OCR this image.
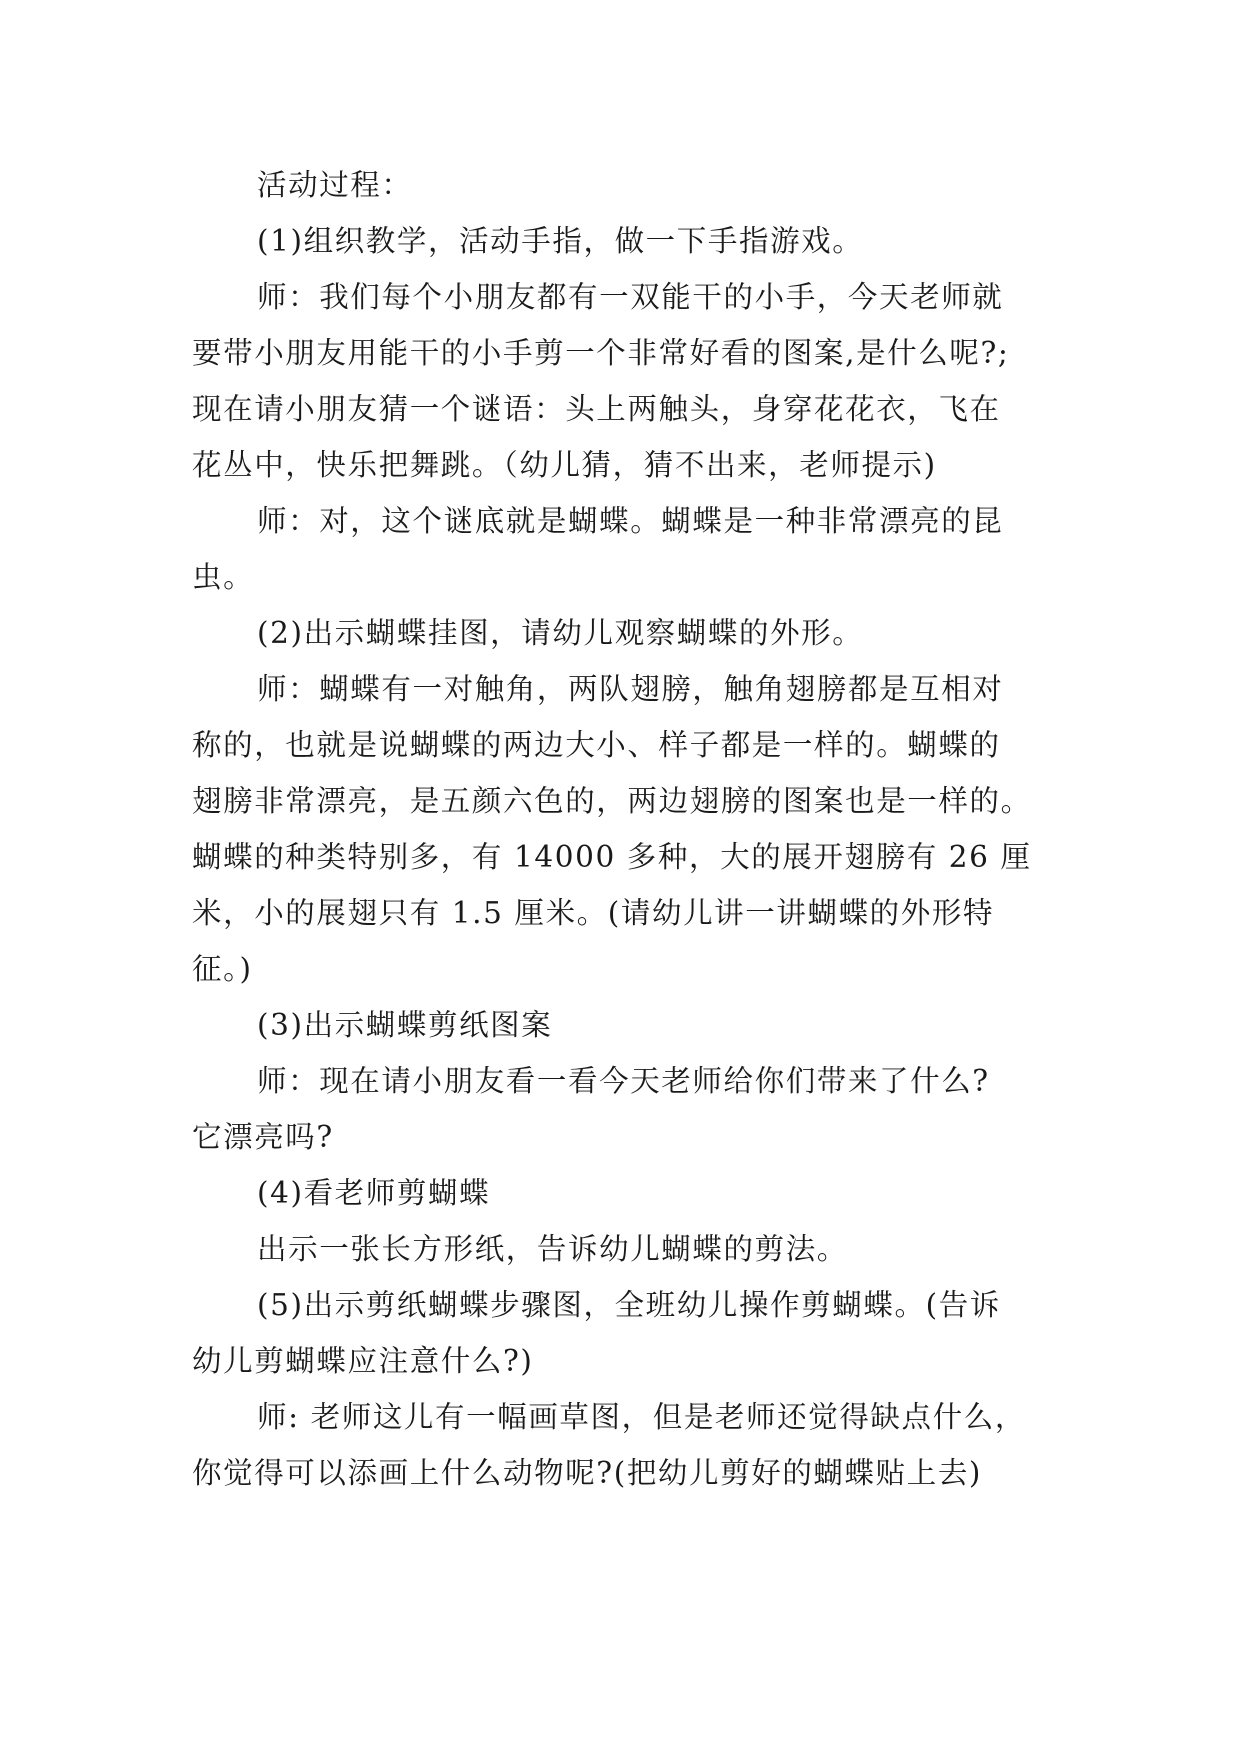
活动过程：
(1)组织教学，活动手指，做一下手指游戏。
师：我们每个小朋友都有一双能干的小手，今天老师就
要带小朋友用能干的小手剪一个非常好看的图案,是什么呢?;
现在请小朋友猜一个谜语：头上两触头，身穿花花衣，飞在
花丛中，快乐把舞跳。（幼儿猜，猜不出来，老师提示)
师：对，这个谜底就是蝴蝶。蝴蝶是一种非常漂亮的昆
虫。
(2)出示蝴蝶挂图，请幼儿观察蝴蝶的外形。
师：蝴蝶有一对触角，两队翅膀，触角翅膀都是互相对
称的，也就是说蝴蝶的两边大小、样子都是一样的。蝴蝶的
翅膀非常漂亮，是五颜六色的，两边翅膀的图案也是一样的。
蝴蝶的种类特别多，有 14000 多种，大的展开翅膀有 26 厘
米，小的展翅只有 1.5 厘米。(请幼儿讲一讲蝴蝶的外形特
征。)
(3)出示蝴蝶剪纸图案
师：现在请小朋友看一看今天老师给你们带来了什么?
它漂亮吗?
(4)看老师剪蝴蝶
出示一张长方形纸，告诉幼儿蝴蝶的剪法。
(5)出示剪纸蝴蝶步骤图，全班幼儿操作剪蝴蝶。(告诉
幼儿剪蝴蝶应注意什么?)
师: 老师这儿有一幅画草图，但是老师还觉得缺点什么，
你觉得可以添画上什么动物呢?(把幼儿剪好的蝴蝶贴上去)
